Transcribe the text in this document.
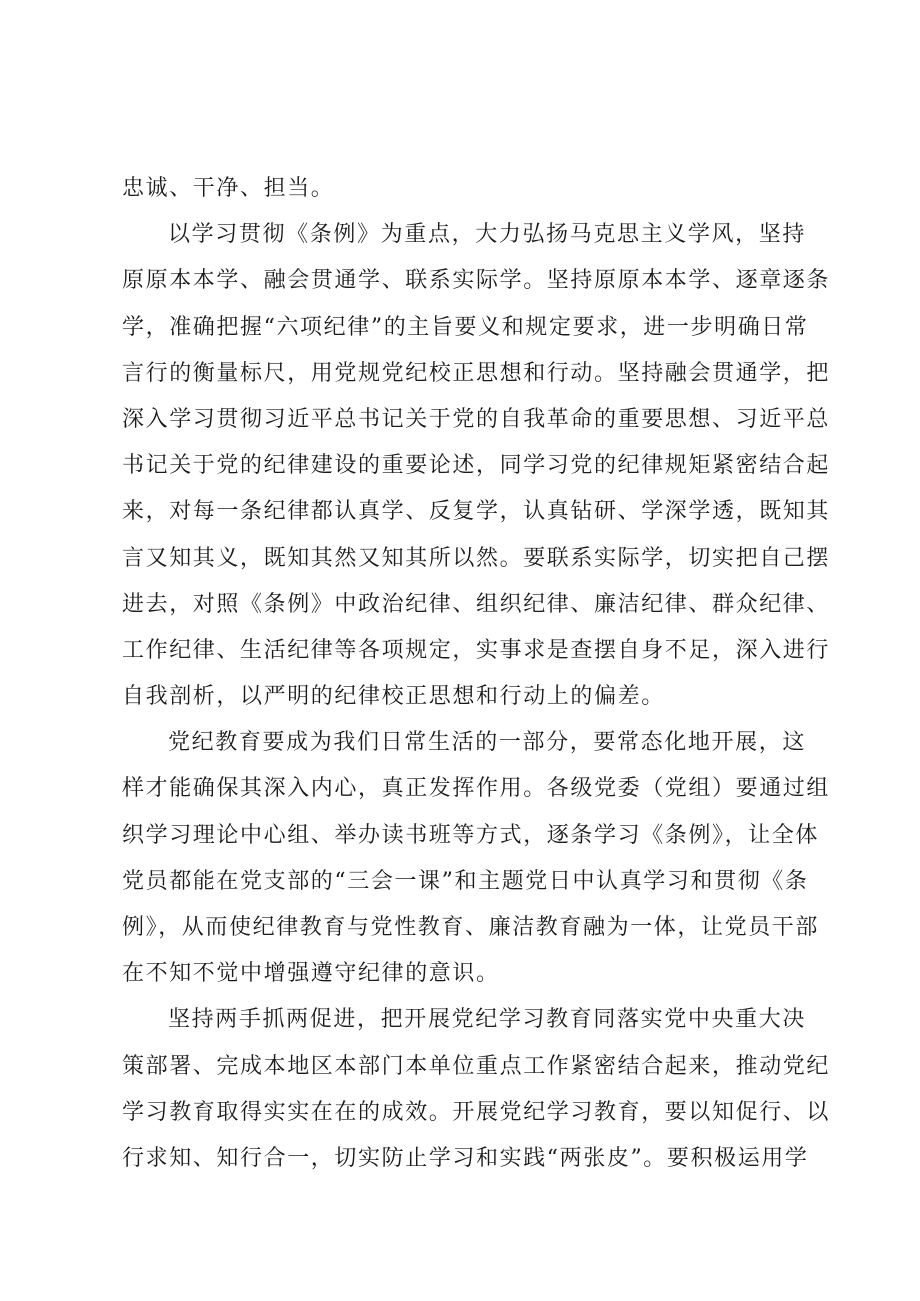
忠诚、干净、担当。
以学习贯彻《条例》为重点，大力弘扬马克思主义学风，坚持
原原本本学、融会贯通学、联系实际学。坚持原原本本学、逐章逐条
学，准确把握“六项纪律”的主旨要义和规定要求，进一步明确日常
言行的衡量标尺，用党规党纪校正思想和行动。坚持融会贯通学，把
深入学习贯彻习近平总书记关于党的自我革命的重要思想、习近平总
书记关于党的纪律建设的重要论述，同学习党的纪律规矩紧密结合起
来，对每一条纪律都认真学、反复学，认真钻研、学深学透，既知其
言又知其义，既知其然又知其所以然。要联系实际学，切实把自己摆
进去，对照《条例》中政治纪律、组织纪律、廉洁纪律、群众纪律、
工作纪律、生活纪律等各项规定，实事求是查摆自身不足，深入进行
自我剖析，以严明的纪律校正思想和行动上的偏差。
党纪教育要成为我们日常生活的一部分，要常态化地开展，这
样才能确保其深入内心，真正发挥作用。各级党委（党组）要通过组
织学习理论中心组、举办读书班等方式，逐条学习《条例》，让全体
党员都能在党支部的“三会一课”和主题党日中认真学习和贯彻《条
例》，从而使纪律教育与党性教育、廉洁教育融为一体，让党员干部
在不知不觉中增强遵守纪律的意识。
坚持两手抓两促进，把开展党纪学习教育同落实党中央重大决
策部署、完成本地区本部门本单位重点工作紧密结合起来，推动党纪
学习教育取得实实在在的成效。开展党纪学习教育，要以知促行、以
行求知、知行合一，切实防止学习和实践“两张皮”。要积极运用学
